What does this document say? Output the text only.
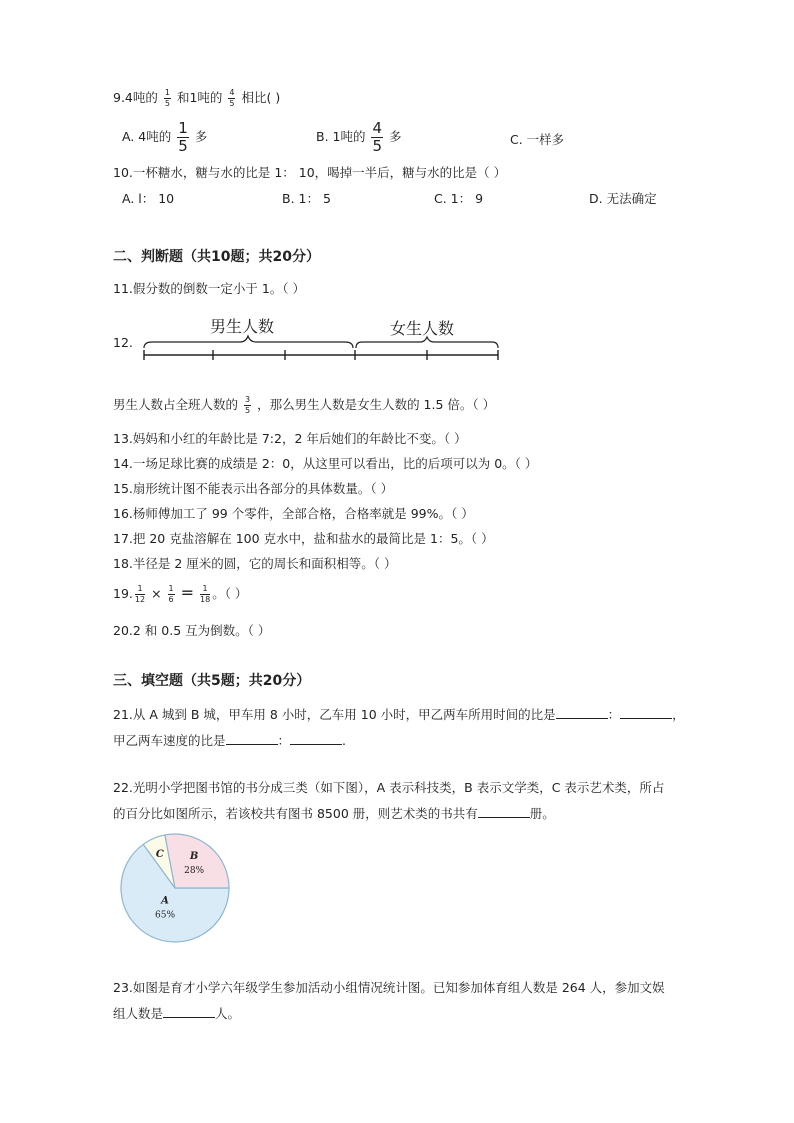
9.4吨的 $\frac{1}{5}$ 和1吨的 $\frac{4}{5}$ 相比( )
A. 4吨的 $\frac{1}{5}$ 多	B. 1吨的 $\frac{4}{5}$ 多	C. 一样多
10.一杯糖水，糖与水的比是 1： 10，喝掉一半后，糖与水的比是（ ）
A. l： 10	B. 1： 5	C. 1： 9	D. 无法确定
二、判断题（共10题；共20分）
11.假分数的倒数一定小于 1。（ ）
12.
男生人数	女生人数
男生人数占全班人数的 $\frac{3}{5}$ ，那么男生人数是女生人数的 1.5 倍。（ ）
13.妈妈和小红的年龄比是 7:2，2 年后她们的年龄比不变。（ ）
14.一场足球比赛的成绩是 2：0，从这里可以看出，比的后项可以为 0。（ ）
15.扇形统计图不能表示出各部分的具体数量。（ ）
16.杨师傅加工了 99 个零件，全部合格，合格率就是 99%。（ ）
17.把 20 克盐溶解在 100 克水中，盐和盐水的最简比是 1：5。（ ）
18.半径是 2 厘米的圆，它的周长和面积相等。（ ）
19. $\frac{1}{12} \times \frac{1}{6} = \frac{1}{18}$ 。（ ）
20.2 和 0.5 互为倒数。（ ）
三、填空题（共5题；共20分）
21.从 A 城到 B 城，甲车用 8 小时，乙车用 10 小时，甲乙两车所用时间的比是	：	，
甲乙两车速度的比是	：	.
22.光明小学把图书馆的书分成三类（如下图），A 表示科技类，B 表示文学类，C 表示艺术类，所占
的百分比如图所示，若该校共有图书 8500 册，则艺术类的书共有	册。
A
65%
B
28%
C
23.如图是育才小学六年级学生参加活动小组情况统计图。已知参加体育组人数是 264 人，参加文娱
组人数是	人。
